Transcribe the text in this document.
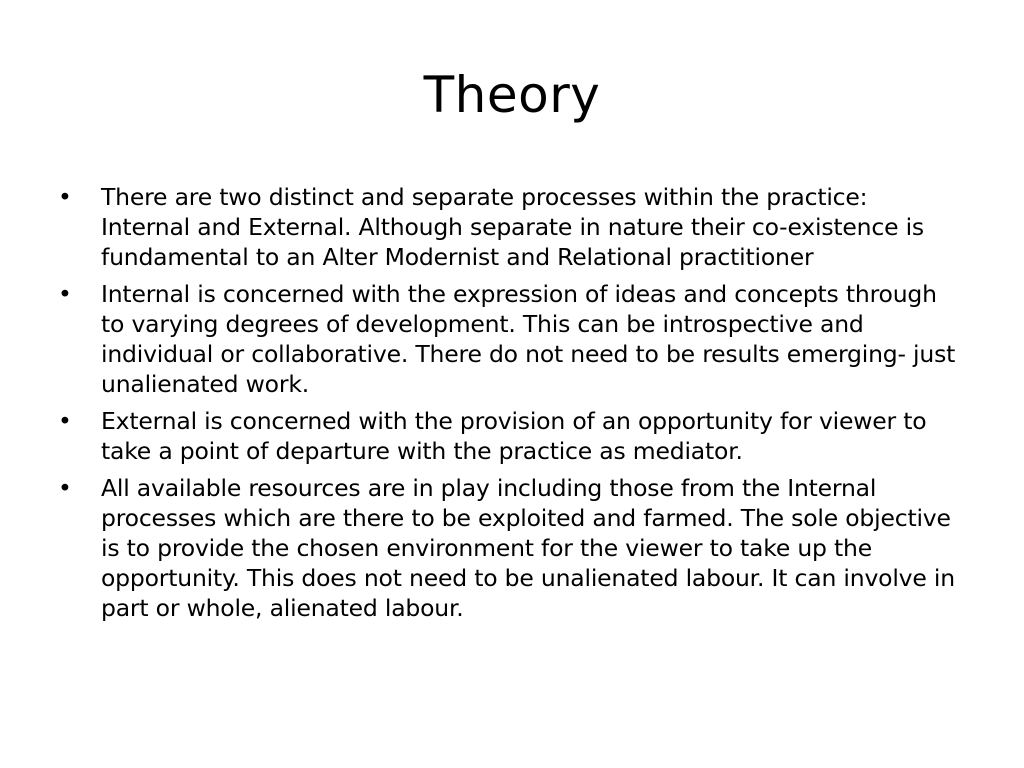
Theory
• There are two distinct and separate processes within the practice: Internal and External. Although separate in nature their co-existence is fundamental to an Alter Modernist and Relational practitioner
• Internal is concerned with the expression of ideas and concepts through to varying degrees of development. This can be introspective and individual or collaborative. There do not need to be results emerging- just unalienated work.
• External is concerned with the provision of an opportunity for viewer to take a point of departure with the practice as mediator.
• All available resources are in play including those from the Internal processes which are there to be exploited and farmed. The sole objective is to provide the chosen environment for the viewer to take up the opportunity. This does not need to be unalienated labour. It can involve in part or whole, alienated labour.
